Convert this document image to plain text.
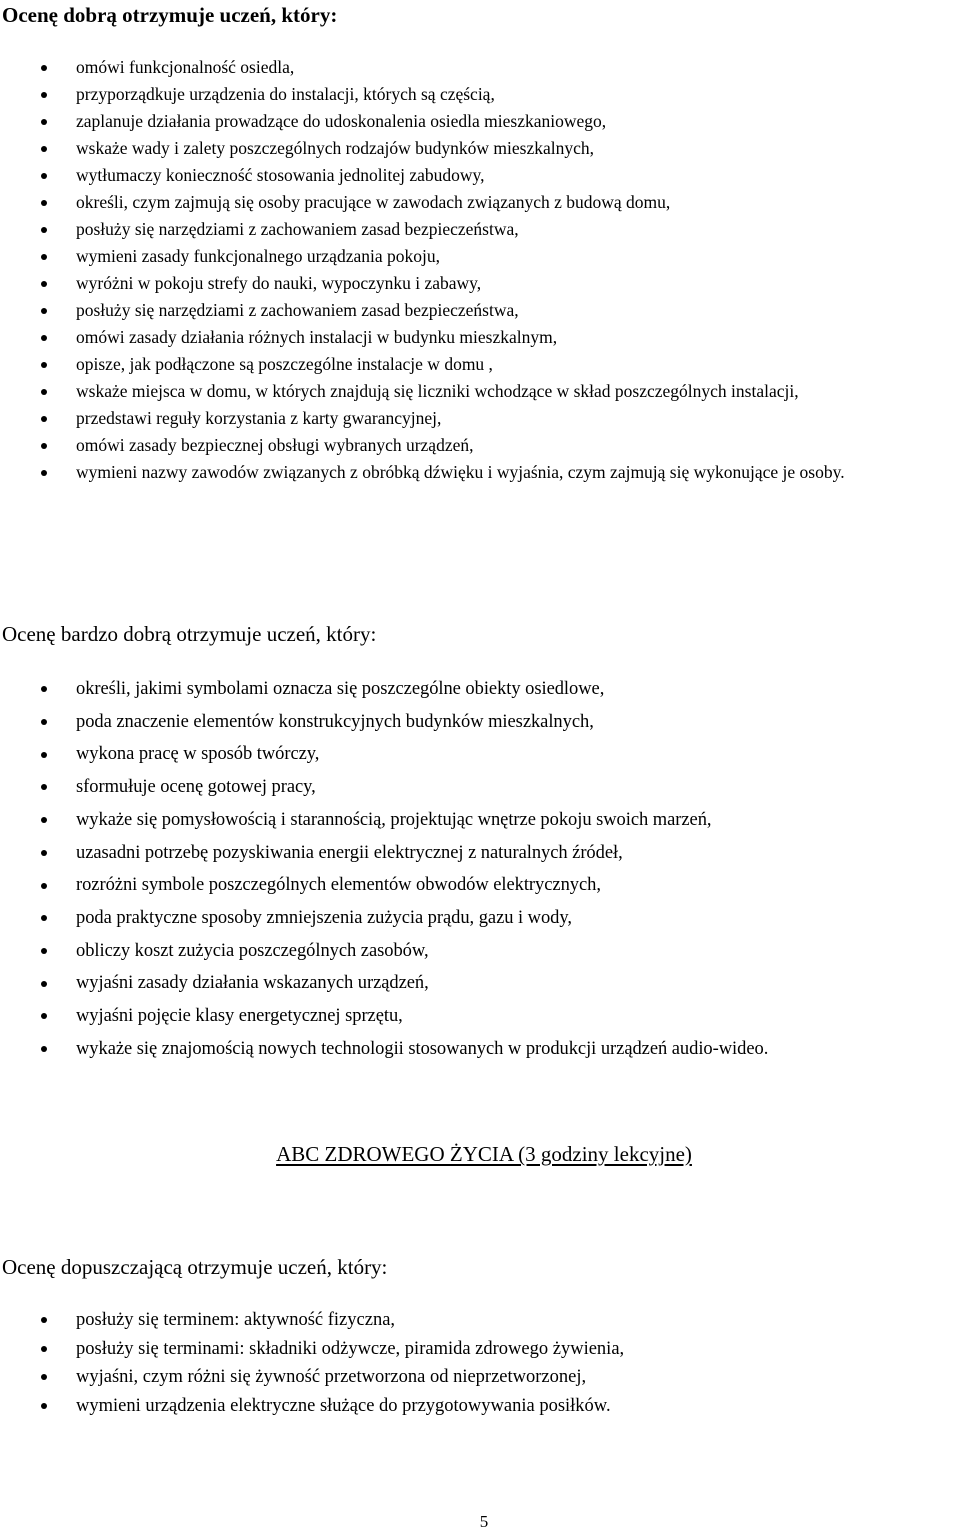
Ocenę dobrą otrzymuje uczeń, który:
omówi funkcjonalność osiedla,
przyporządkuje urządzenia do instalacji, których są częścią,
zaplanuje działania prowadzące do udoskonalenia osiedla mieszkaniowego,
wskaże wady i zalety poszczególnych rodzajów budynków mieszkalnych,
wytłumaczy konieczność stosowania jednolitej zabudowy,
określi, czym zajmują się osoby pracujące w zawodach związanych z budową domu,
posłuży się narzędziami z zachowaniem zasad bezpieczeństwa,
wymieni zasady funkcjonalnego urządzania pokoju,
wyróżni w pokoju strefy do nauki, wypoczynku i zabawy,
posłuży się narzędziami z zachowaniem zasad bezpieczeństwa,
omówi zasady działania różnych instalacji w budynku mieszkalnym,
opisze, jak podłączone są poszczególne instalacje w domu ,
wskaże miejsca w domu, w których znajdują się liczniki wchodzące w skład poszczególnych instalacji,
przedstawi reguły korzystania z karty gwarancyjnej,
omówi zasady bezpiecznej obsługi wybranych urządzeń,
wymieni nazwy zawodów związanych z obróbką dźwięku i wyjaśnia, czym zajmują się wykonujące je osoby.
Ocenę bardzo dobrą otrzymuje uczeń, który:
określi, jakimi symbolami oznacza się poszczególne obiekty osiedlowe,
poda znaczenie elementów konstrukcyjnych budynków mieszkalnych,
wykona pracę w sposób twórczy,
sformułuje ocenę gotowej pracy,
wykaże się pomysłowością i starannością, projektując wnętrze pokoju swoich marzeń,
uzasadni potrzebę pozyskiwania energii elektrycznej z naturalnych źródeł,
rozróżni symbole poszczególnych elementów obwodów elektrycznych,
poda praktyczne sposoby zmniejszenia zużycia prądu, gazu i wody,
obliczy koszt zużycia poszczególnych zasobów,
wyjaśni zasady działania wskazanych urządzeń,
wyjaśni pojęcie klasy energetycznej sprzętu,
wykaże się znajomością nowych technologii stosowanych w produkcji urządzeń audio-wideo.
ABC ZDROWEGO ŻYCIA (3 godziny lekcyjne)
Ocenę dopuszczającą otrzymuje uczeń, który:
posłuży się terminem: aktywność fizyczna,
posłuży się terminami: składniki odżywcze, piramida zdrowego żywienia,
wyjaśni, czym różni się żywność przetworzona od nieprzetworzonej,
wymieni urządzenia elektryczne służące do przygotowywania posiłków.
5
